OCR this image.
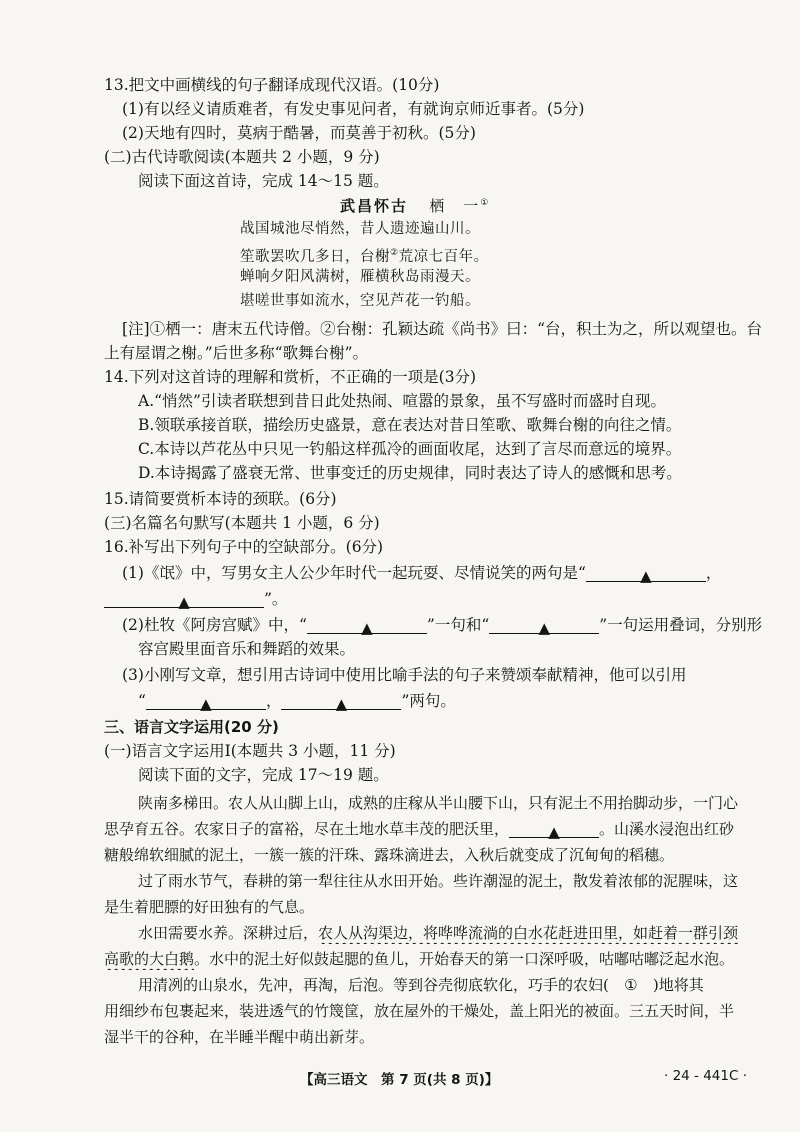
13.把文中画横线的句子翻译成现代汉语。(10分)
(1)有以经义请质难者，有发史事见问者，有就询京师近事者。(5分)
(2)天地有四时，莫病于酷暑，而莫善于初秋。(5分)
(二)古代诗歌阅读(本题共 2 小题，9 分)
阅读下面这首诗，完成 14～15 题。
武昌怀古 栖　一①
战国城池尽悄然，昔人遗迹遍山川。
笙歌罢吹几多日，台榭②荒凉七百年。
蝉响夕阳风满树，雁横秋岛雨漫天。
堪嗟世事如流水，空见芦花一钓船。
[注]①栖一：唐末五代诗僧。②台榭：孔颖达疏《尚书》曰：“台，积土为之，所以观望也。台
上有屋谓之榭。”后世多称“歌舞台榭”。
14.下列对这首诗的理解和赏析，不正确的一项是(3分)
A.“悄然”引读者联想到昔日此处热闹、喧嚣的景象，虽不写盛时而盛时自现。
B.领联承接首联，描绘历史盛景，意在表达对昔日笙歌、歌舞台榭的向往之情。
C.本诗以芦花丛中只见一钓船这样孤冷的画面收尾，达到了言尽而意远的境界。
D.本诗揭露了盛衰无常、世事变迁的历史规律，同时表达了诗人的感慨和思考。
15.请简要赏析本诗的颈联。(6分)
(三)名篇名句默写(本题共 1 小题，6 分)
16.补写出下列句子中的空缺部分。(6分)
(1)《氓》中，写男女主人公少年时代一起玩耍、尽情说笑的两句是“	▲	，
▲	”。
(2)杜牧《阿房宫赋》中，“	▲	”一句和“	▲	”一句运用叠词，分别形
容宫殿里面音乐和舞蹈的效果。
(3)小刚写文章，想引用古诗词中使用比喻手法的句子来赞颂奉献精神，他可以引用
“	▲	，	▲	”两句。
三、语言文字运用(20 分)
(一)语言文字运用Ⅰ(本题共 3 小题，11 分)
阅读下面的文字，完成 17～19 题。
陕南多梯田。农人从山脚上山，成熟的庄稼从半山腰下山，只有泥土不用抬脚动步，一门心
思孕育五谷。农家日子的富裕，尽在土地水草丰茂的肥沃里，	▲	。山溪水浸泡出红砂
糖般绵软细腻的泥土，一簇一簇的汗珠、露珠滴进去，入秋后就变成了沉甸甸的稻穗。
过了雨水节气，春耕的第一犁往往从水田开始。些许潮湿的泥土，散发着浓郁的泥腥味，这
是生着肥膘的好田独有的气息。
水田需要水养。深耕过后，农人从沟渠边，将哗哗流淌的白水花赶进田里，如赶着一群引颈
高歌的大白鹅。水中的泥土好似鼓起腮的鱼儿，开始春天的第一口深呼吸，咕嘟咕嘟泛起水泡。
用清冽的山泉水，先冲，再淘，后泡。等到谷壳彻底软化，巧手的农妇( ① )地将其
用细纱布包裹起来，装进透气的竹篾筐，放在屋外的干燥处，盖上阳光的被面。三五天时间，半
湿半干的谷种，在半睡半醒中萌出新芽。
【高三语文　第 7 页(共 8 页)】	· 24 - 441C ·
